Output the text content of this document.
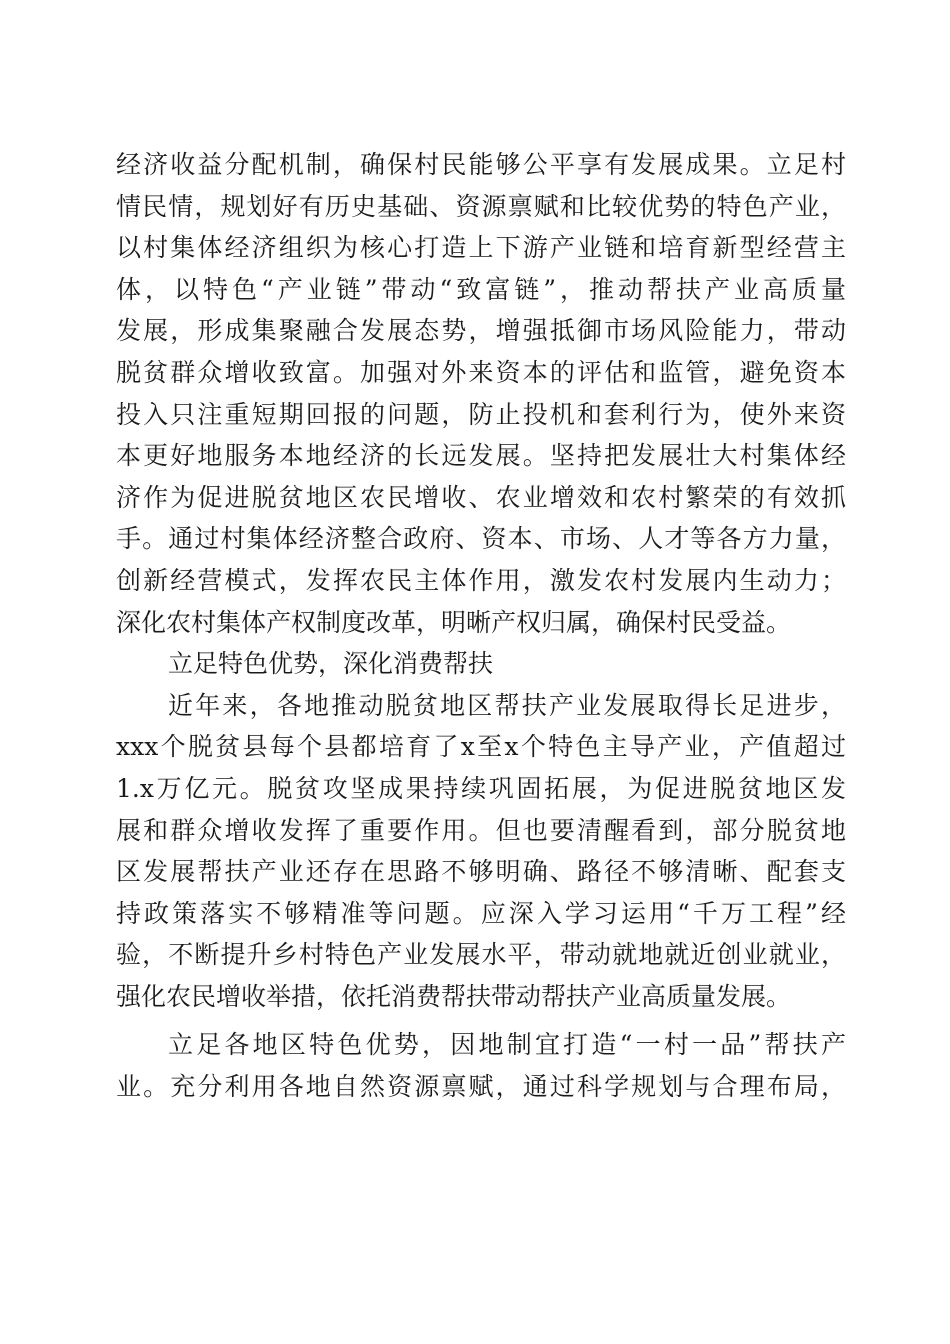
经济收益分配机制，确保村民能够公平享有发展成果。立足村
情民情，规划好有历史基础、资源禀赋和比较优势的特色产业，
以村集体经济组织为核心打造上下游产业链和培育新型经营主
体，以特色“产业链”带动“致富链”，推动帮扶产业高质量
发展，形成集聚融合发展态势，增强抵御市场风险能力，带动
脱贫群众增收致富。加强对外来资本的评估和监管，避免资本
投入只注重短期回报的问题，防止投机和套利行为，使外来资
本更好地服务本地经济的长远发展。坚持把发展壮大村集体经
济作为促进脱贫地区农民增收、农业增效和农村繁荣的有效抓
手。通过村集体经济整合政府、资本、市场、人才等各方力量，
创新经营模式，发挥农民主体作用，激发农村发展内生动力；
深化农村集体产权制度改革，明晰产权归属，确保村民受益。
立足特色优势，深化消费帮扶
近年来，各地推动脱贫地区帮扶产业发展取得长足进步，
xxx个脱贫县每个县都培育了x至x个特色主导产业，产值超过
1.x万亿元。脱贫攻坚成果持续巩固拓展，为促进脱贫地区发
展和群众增收发挥了重要作用。但也要清醒看到，部分脱贫地
区发展帮扶产业还存在思路不够明确、路径不够清晰、配套支
持政策落实不够精准等问题。应深入学习运用“千万工程”经
验，不断提升乡村特色产业发展水平，带动就地就近创业就业，
强化农民增收举措，依托消费帮扶带动帮扶产业高质量发展。
立足各地区特色优势，因地制宜打造“一村一品”帮扶产
业。充分利用各地自然资源禀赋，通过科学规划与合理布局，
